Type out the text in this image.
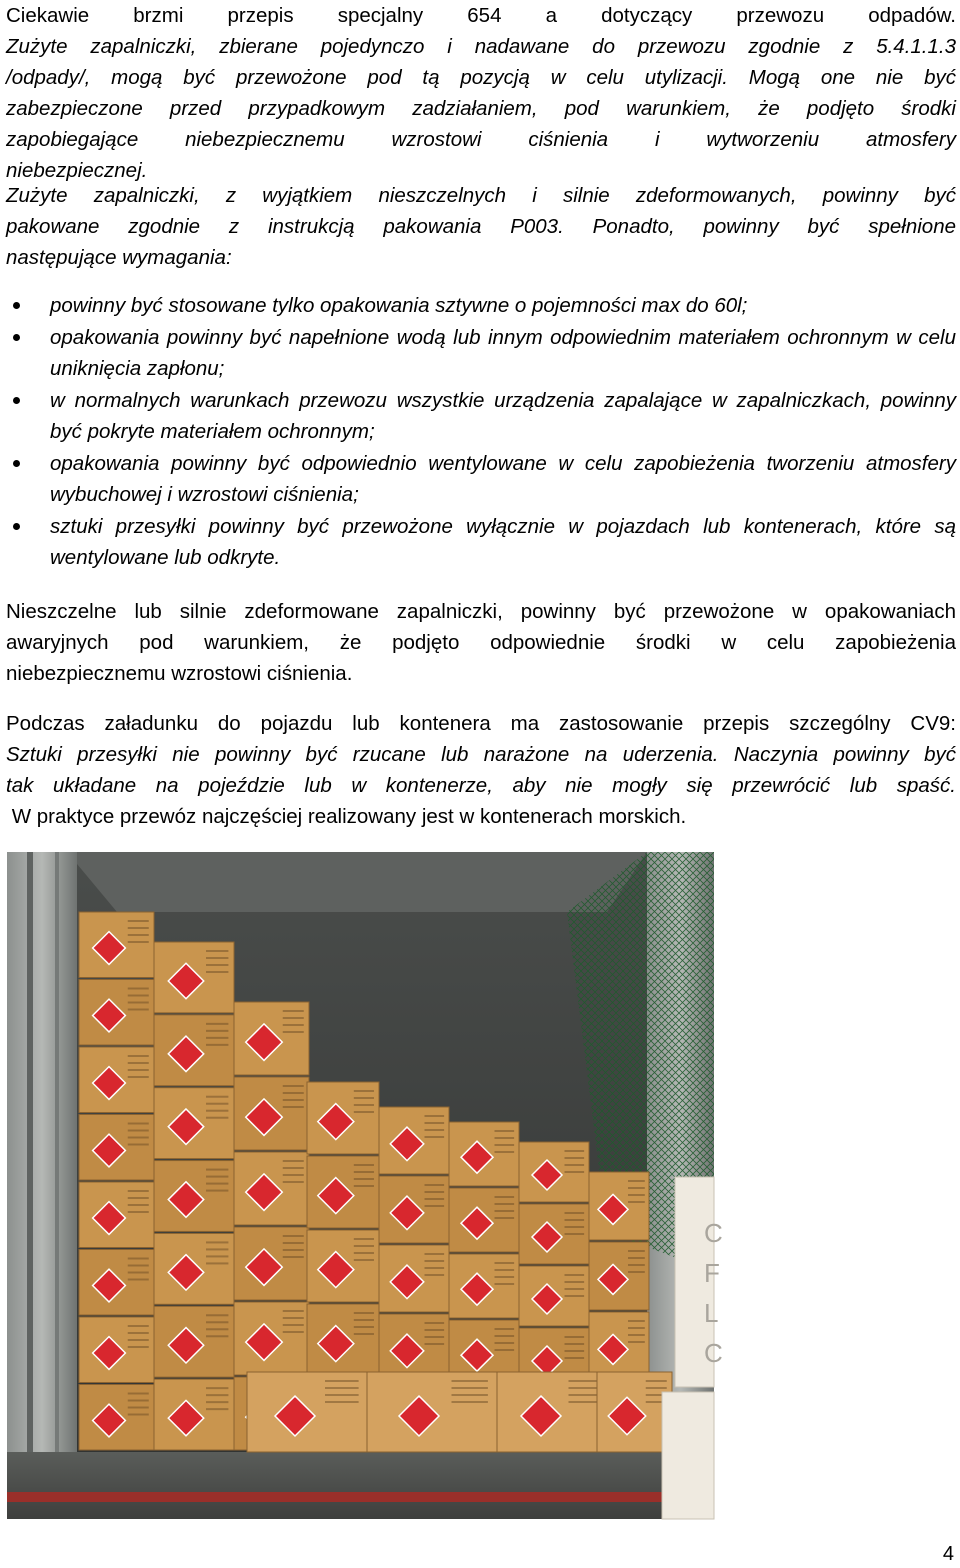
Ciekawie brzmi przepis specjalny 654 a dotyczący przewozu odpadów.
Zużyte zapalniczki, zbierane pojedynczo i nadawane do przewozu zgodnie z 5.4.1.1.3
/odpady/, mogą być przewożone pod tą pozycją w celu utylizacji. Mogą one nie być
zabezpieczone przed przypadkowym zadziałaniem, pod warunkiem, że podjęto środki
zapobiegające niebezpiecznemu wzrostowi ciśnienia i wytworzeniu atmosfery
niebezpiecznej.
Zużyte zapalniczki, z wyjątkiem nieszczelnych i silnie zdeformowanych, powinny być
pakowane zgodnie z instrukcją pakowania P003. Ponadto, powinny być spełnione
następujące wymagania:
powinny być stosowane tylko opakowania sztywne o pojemności max do 60l;
opakowania powinny być napełnione wodą lub innym odpowiednim materiałem ochronnym w celu uniknięcia zapłonu;
w normalnych warunkach przewozu wszystkie urządzenia zapalające w zapalniczkach, powinny być pokryte materiałem ochronnym;
opakowania powinny być odpowiednio wentylowane w celu zapobieżenia tworzeniu atmosfery wybuchowej i wzrostowi ciśnienia;
sztuki przesyłki powinny być przewożone wyłącznie w pojazdach lub kontenerach, które są wentylowane lub odkryte.
Nieszczelne lub silnie zdeformowane zapalniczki, powinny być przewożone w opakowaniach
awaryjnych pod warunkiem, że podjęto odpowiednie środki w celu zapobieżenia
niebezpiecznemu wzrostowi ciśnienia.
Podczas załadunku do pojazdu lub kontenera ma zastosowanie przepis szczególny CV9:
Sztuki przesyłki nie powinny być rzucane lub narażone na uderzenia. Naczynia powinny być
tak układane na pojeździe lub w kontenerze, aby nie mogły się przewrócić lub spaść.
W praktyce przewóz najczęściej realizowany jest w kontenerach morskich.
C
F
L
C
4
